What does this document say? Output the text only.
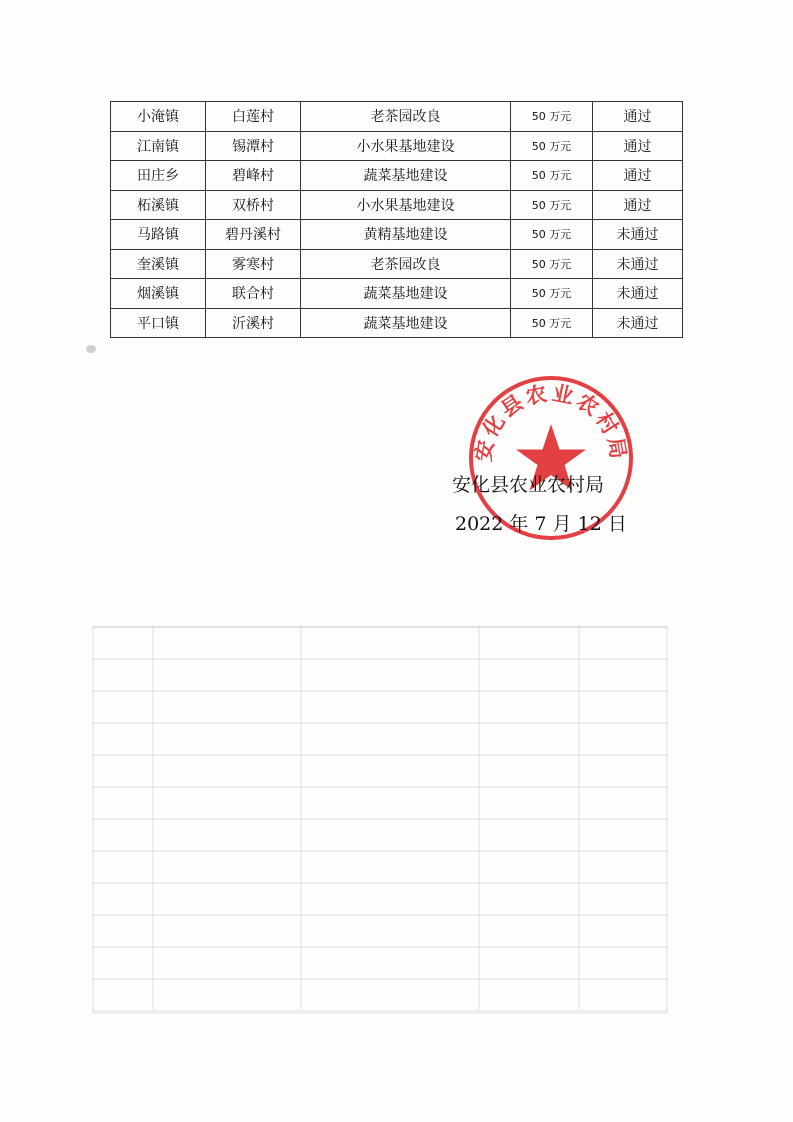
小淹镇	白莲村	老茶园改良	50 万元	通过
江南镇	锡潭村	小水果基地建设	50 万元	通过
田庄乡	碧峰村	蔬菜基地建设	50 万元	通过
柘溪镇	双桥村	小水果基地建设	50 万元	通过
马路镇	碧丹溪村	黄精基地建设	50 万元	未通过
奎溪镇	雾寒村	老茶园改良	50 万元	未通过
烟溪镇	联合村	蔬菜基地建设	50 万元	未通过
平口镇	沂溪村	蔬菜基地建设	50 万元	未通过
安化县农业农村局
安化县农业农村局
2022 年 7 月 12 日
